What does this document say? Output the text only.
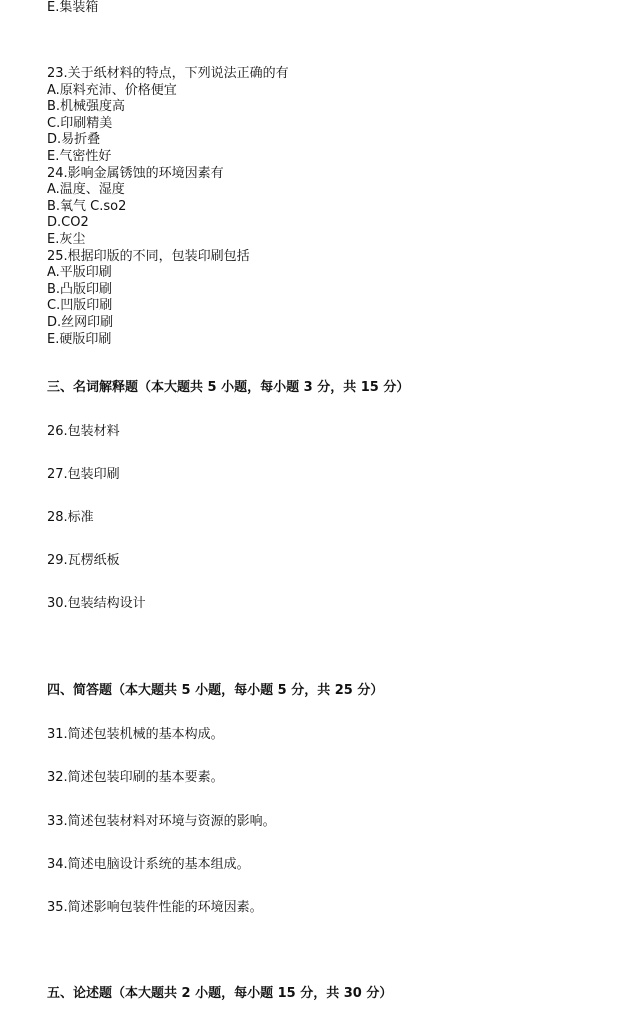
E.集装箱
23.关于纸材料的特点，下列说法正确的有
A.原料充沛、价格便宜
B.机械强度高
C.印刷精美
D.易折叠
E.气密性好
24.影响金属锈蚀的环境因素有
A.温度、湿度
B.氧气 C.so2
D.CO2
E.灰尘
25.根据印版的不同，包装印刷包括
A.平版印刷
B.凸版印刷
C.凹版印刷
D.丝网印刷
E.硬版印刷
三、名词解释题（本大题共 5 小题，每小题 3 分，共 15 分）
26.包装材料
27.包装印刷
28.标准
29.瓦楞纸板
30.包装结构设计
四、简答题（本大题共 5 小题，每小题 5 分，共 25 分）
31.简述包装机械的基本构成。
32.简述包装印刷的基本要素。
33.简述包装材料对环境与资源的影响。
34.简述电脑设计系统的基本组成。
35.简述影响包装件性能的环境因素。
五、论述题（本大题共 2 小题，每小题 15 分，共 30 分）
